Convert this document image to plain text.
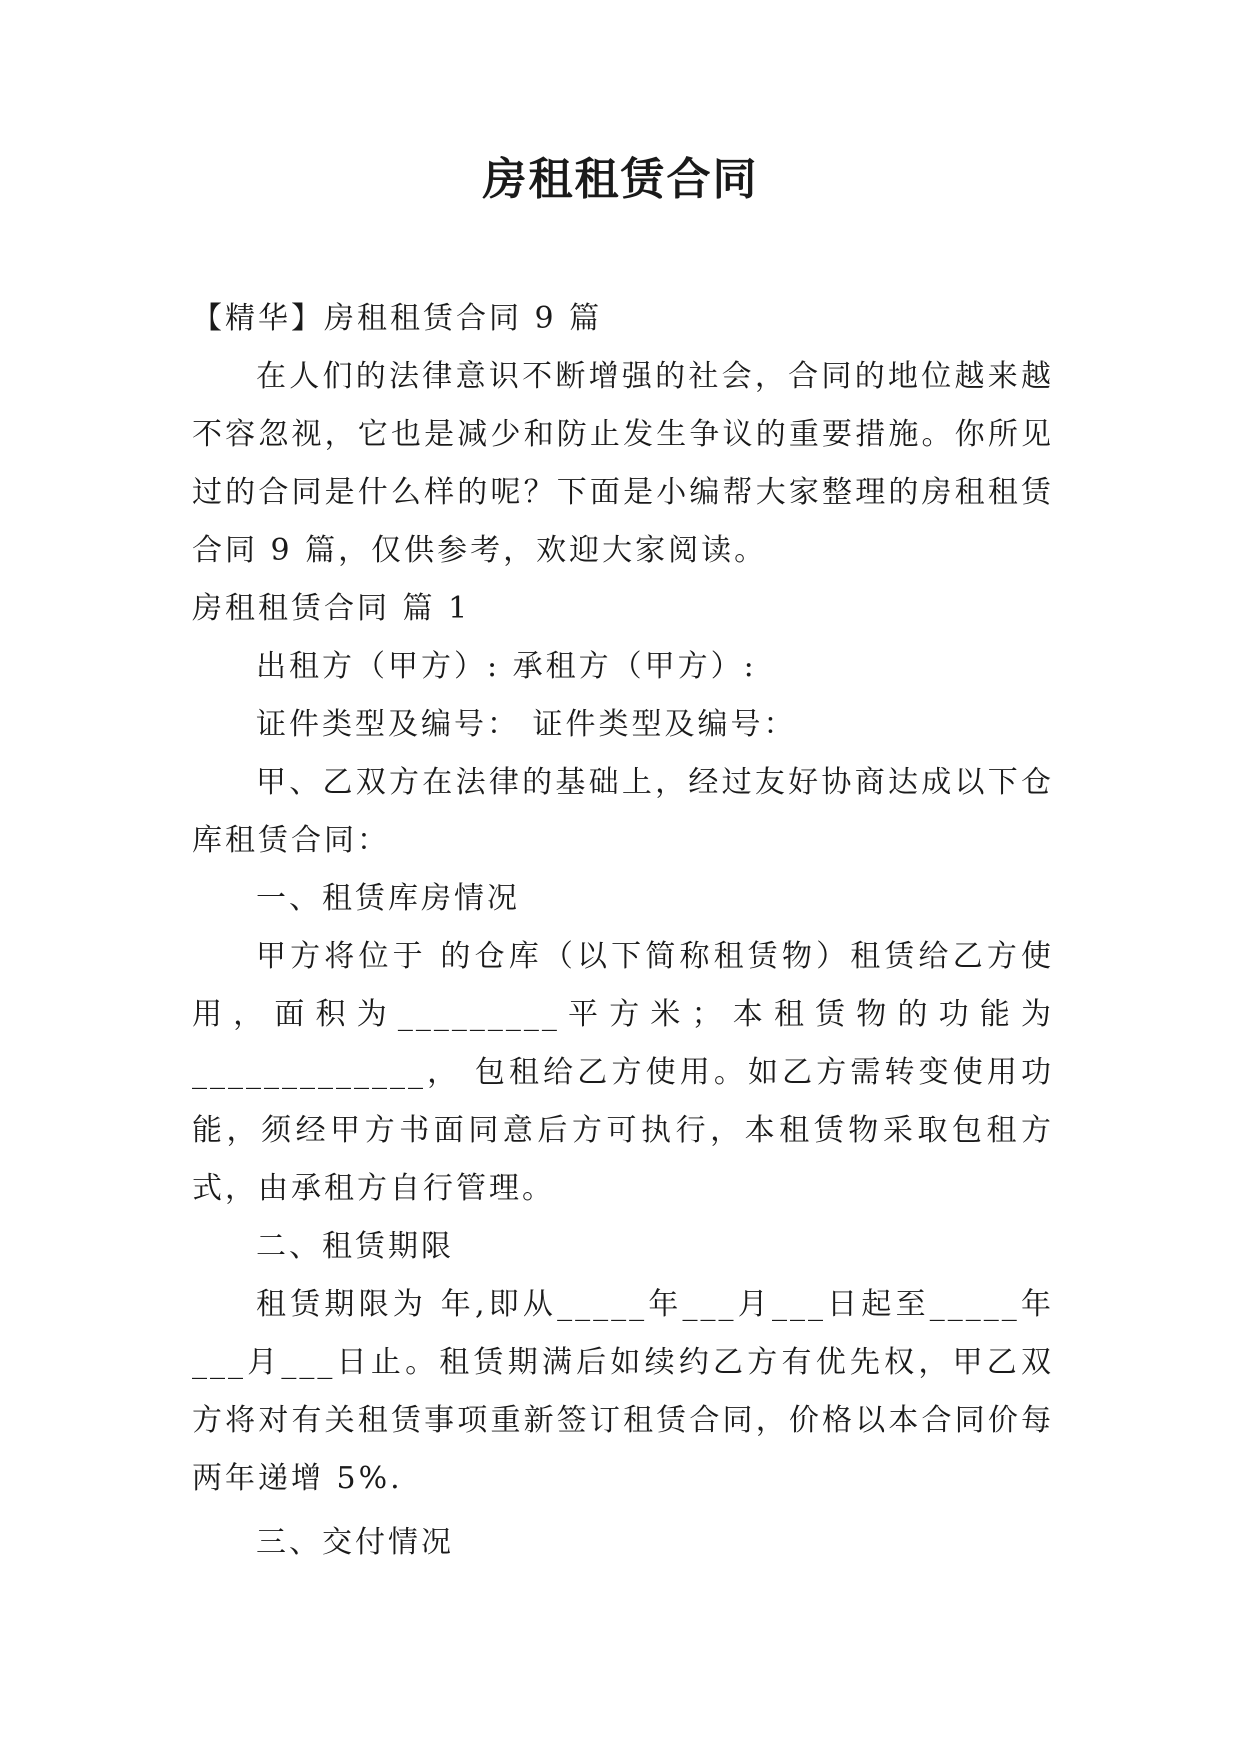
房租租赁合同

【精华】房租租赁合同 9 篇

在人们的法律意识不断增强的社会，合同的地位越来越不容忽视，它也是减少和防止发生争议的重要措施。你所见过的合同是什么样的呢？下面是小编帮大家整理的房租租赁合同 9 篇，仅供参考，欢迎大家阅读。

房租租赁合同 篇 1

出租方（甲方）: 承租方（甲方）:

证件类型及编号： 证件类型及编号：

甲、乙双方在法律的基础上，经过友好协商达成以下仓库租赁合同：

一、租赁库房情况

甲方将位于 的仓库（以下简称租赁物）租赁给乙方使用，面积为_________平方米；本租赁物的功能为_____________， 包租给乙方使用。如乙方需转变使用功能，须经甲方书面同意后方可执行，本租赁物采取包租方式，由承租方自行管理。

二、租赁期限

租赁期限为 年,即从_____年___月___日起至_____年___月___日止。租赁期满后如续约乙方有优先权，甲乙双方将对有关租赁事项重新签订租赁合同，价格以本合同价每两年递增 5%.

三、交付情况
